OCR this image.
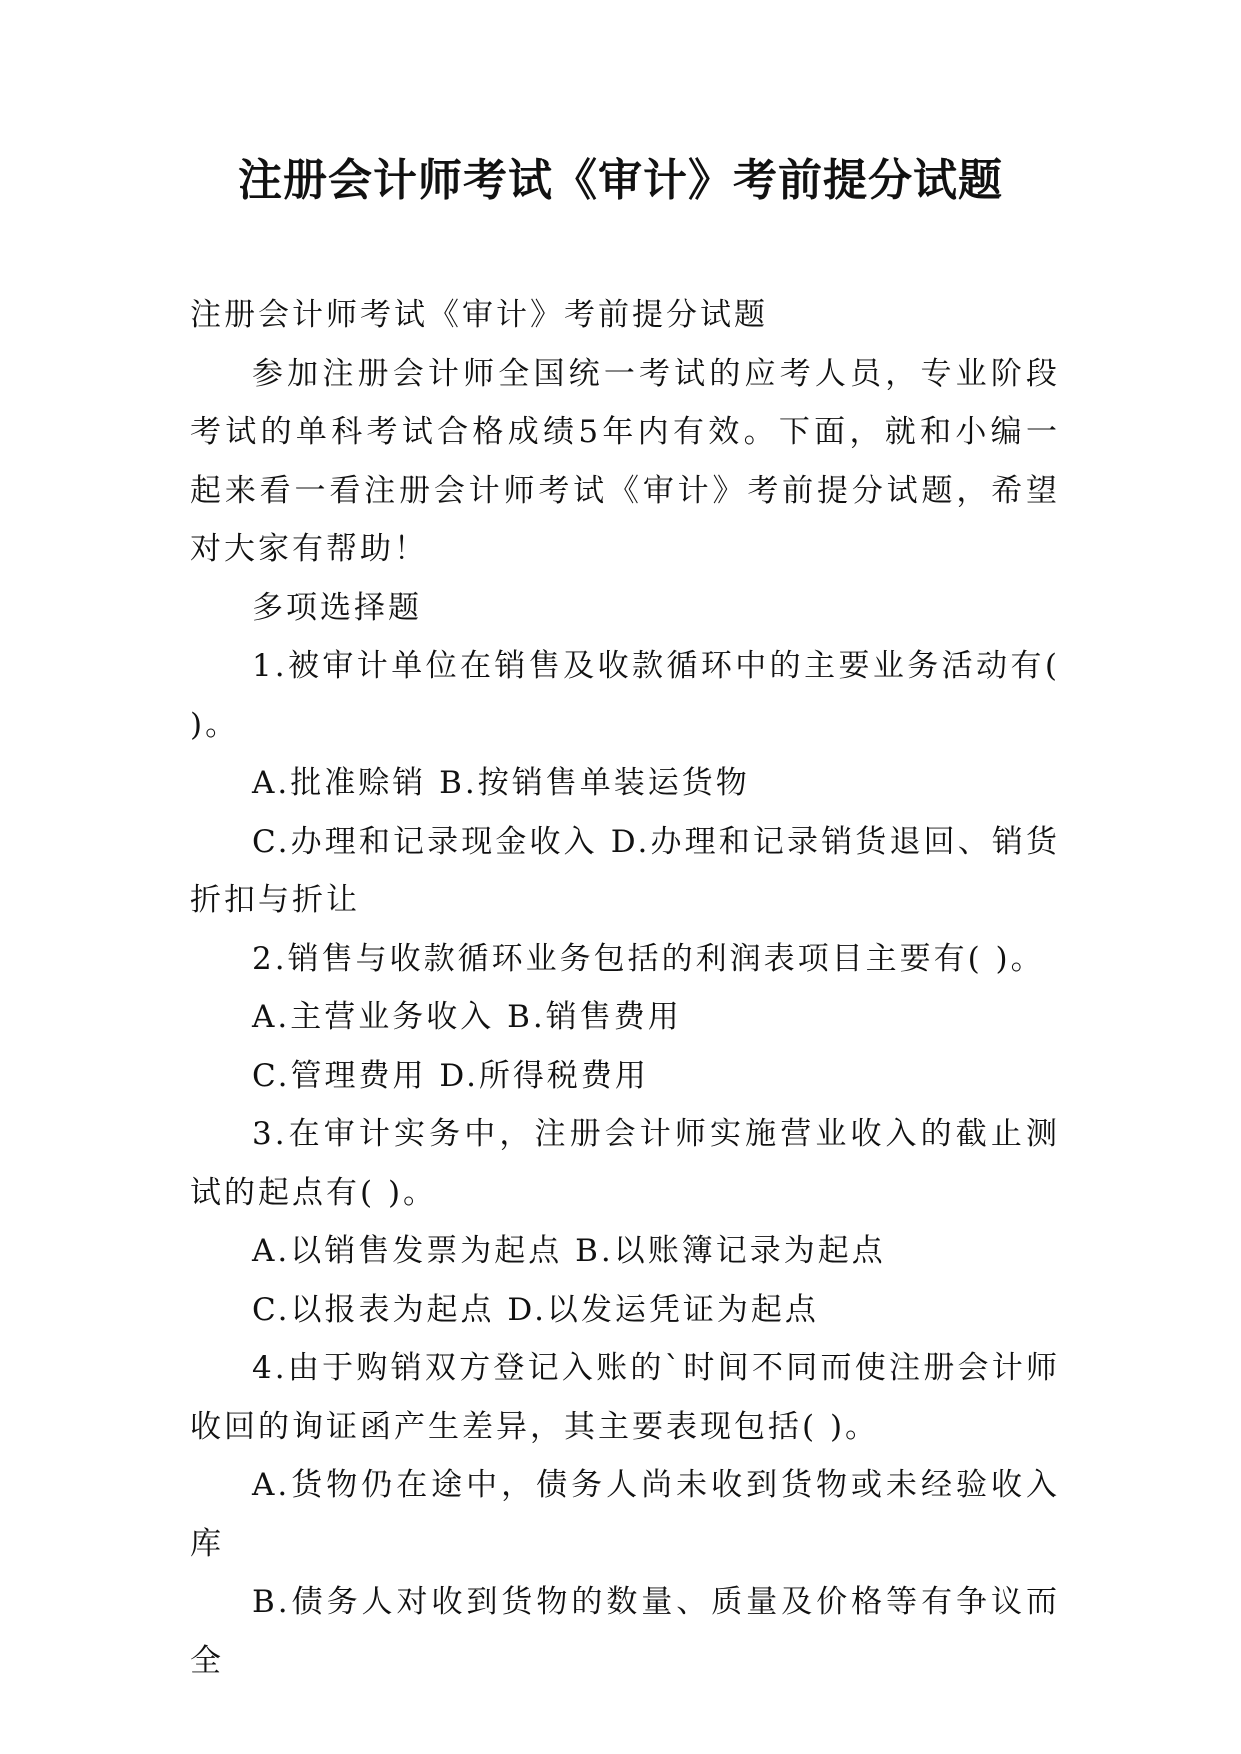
注册会计师考试《审计》考前提分试题

注册会计师考试《审计》考前提分试题

参加注册会计师全国统一考试的应考人员，专业阶段考试的单科考试合格成绩5年内有效。下面，就和小编一起来看一看注册会计师考试《审计》考前提分试题，希望对大家有帮助！

多项选择题

1.被审计单位在销售及收款循环中的主要业务活动有( )。

A.批准赊销 B.按销售单装运货物

C.办理和记录现金收入 D.办理和记录销货退回、销货折扣与折让

2.销售与收款循环业务包括的利润表项目主要有( )。

A.主营业务收入 B.销售费用

C.管理费用 D.所得税费用

3.在审计实务中，注册会计师实施营业收入的截止测试的起点有( )。

A.以销售发票为起点 B.以账簿记录为起点

C.以报表为起点 D.以发运凭证为起点

4.由于购销双方登记入账的`时间不同而使注册会计师收回的询证函产生差异，其主要表现包括( )。

A.货物仍在途中，债务人尚未收到货物或未经验收入库

B.债务人对收到货物的数量、质量及价格等有争议而全
